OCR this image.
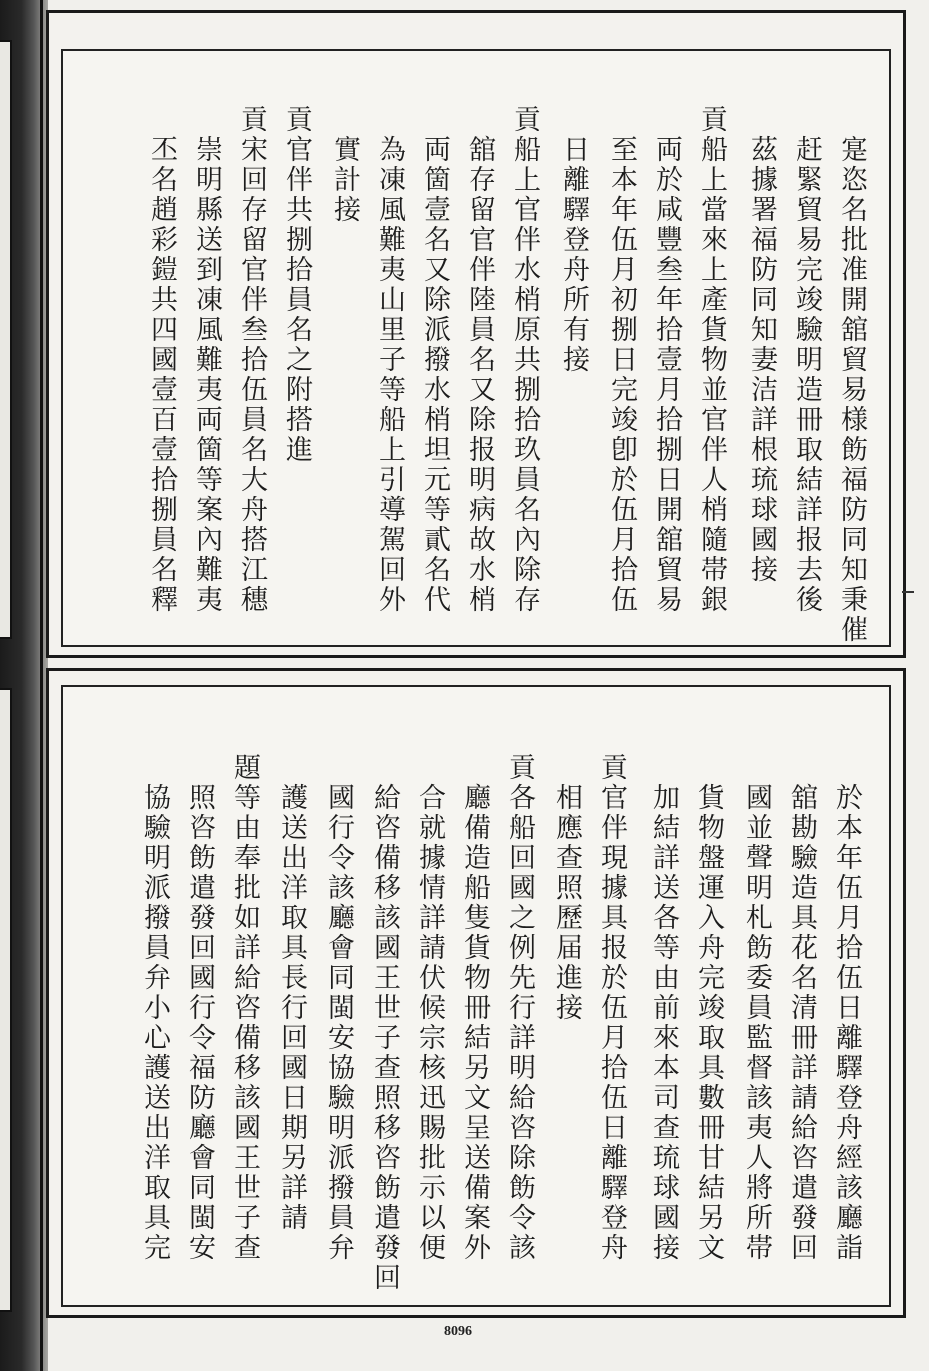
寔恣名批准開舘貿易様飭福防同知秉催
赶緊貿易完竣驗明造冊取結詳报去後
茲據署福防同知妻洁詳根琉球國接
貢船上當來上產貨物並官伴人梢隨帯銀
両於咸豐叁年拾壹月拾捌日開舘貿易
至本年伍月初捌日完竣卽於伍月拾伍
日離驛登舟所有接
貢船上官伴水梢原共捌拾玖員名內除存
舘存留官伴陸員名又除报明病故水梢
両箇壹名又除派撥水梢坦元等貳名代
為凍風難夷山里子等船上引導駕回外
實計接
貢官伴共捌拾員名之附搭進
貢宋回存留官伴叁拾伍員名大舟搭江穗
崇明縣送到凍風難夷両箇等案內難夷
丕名趙彩鎧共四國壹百壹拾捌員名釋
於本年伍月拾伍日離驛登舟經該廳詣
舘勘驗造具花名清冊詳請給咨遣發回
國並聲明札飭委員監督該夷人將所帯
貨物盤運入舟完竣取具數冊甘結另文
加結詳送各等由前來本司查琉球國接
貢官伴現據具报於伍月拾伍日離驛登舟
相應查照歷届進接
貢各船回國之例先行詳明給咨除飭令該
廳備造船隻貨物冊結另文呈送備案外
合就據情詳請伏候宗核迅賜批示以便
給咨備移該國王世子查照移咨飭遣發回
國行令該廳會同閩安協驗明派撥員弁
護送出洋取具長行回國日期另詳請
題等由奉批如詳給咨備移該國王世子查
照咨飭遣發回國行令福防廳會同閩安
協驗明派撥員弁小心護送出洋取具完
8096
